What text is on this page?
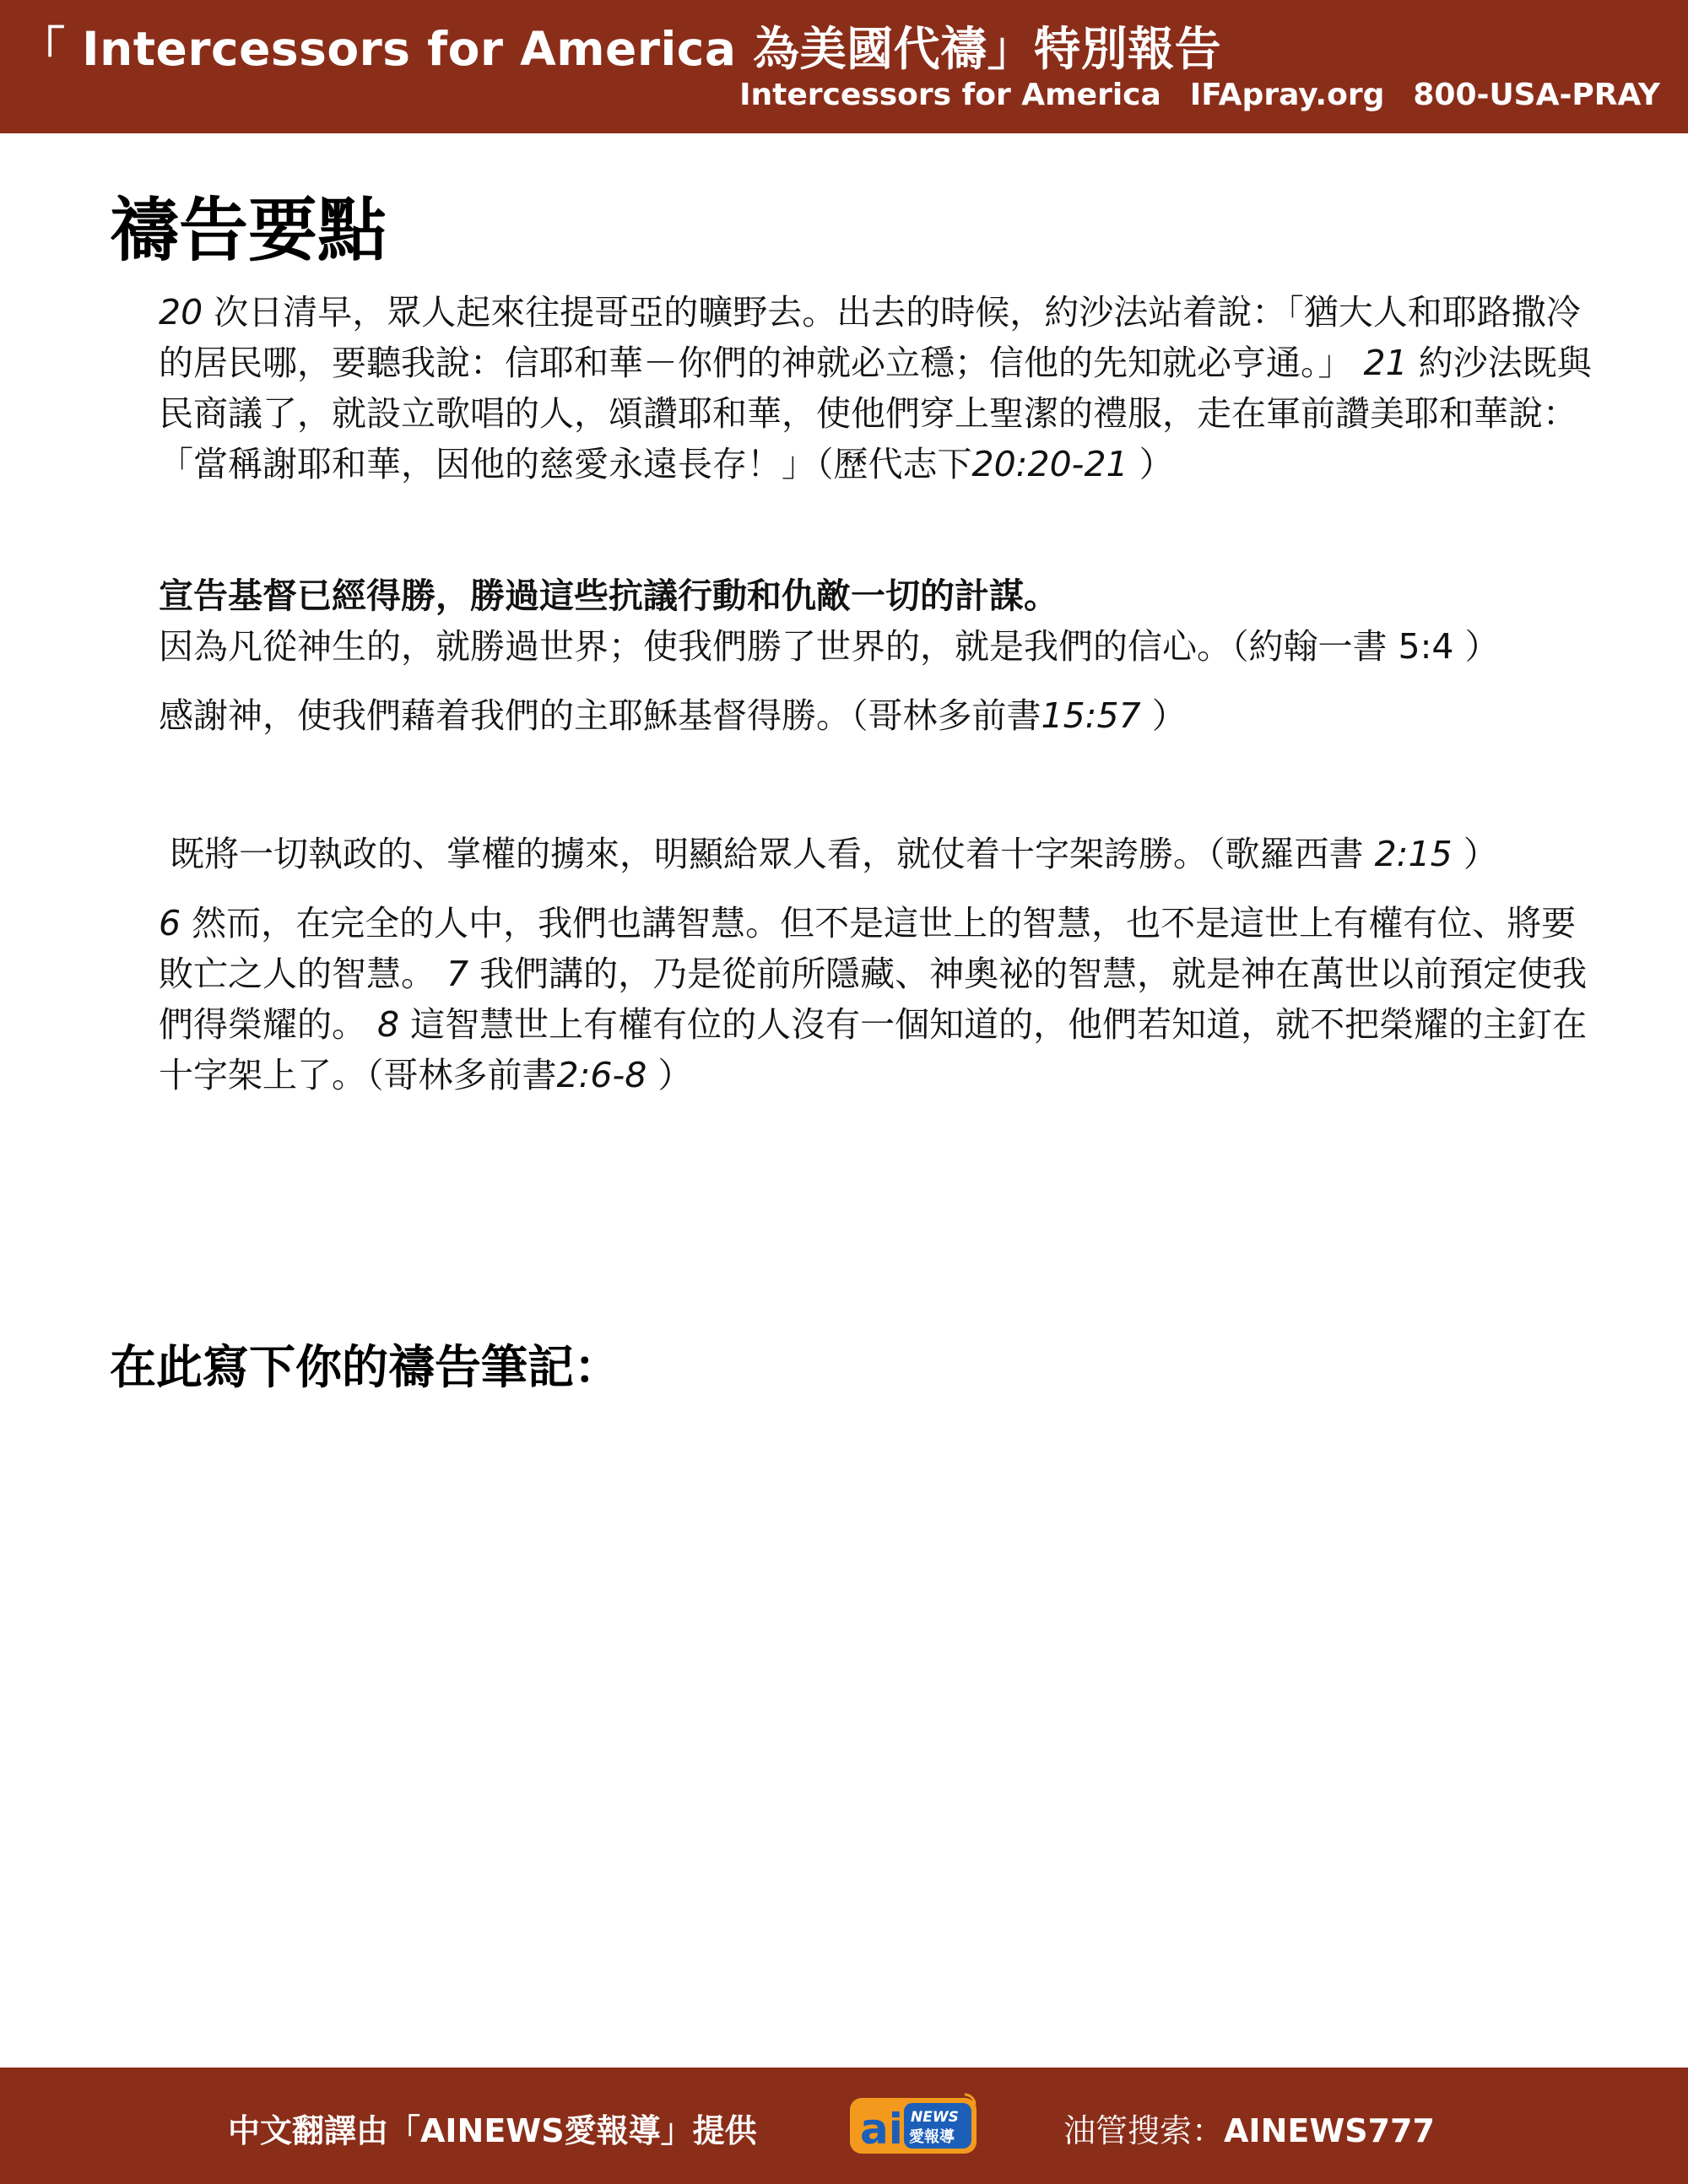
「 Intercessors for America 為美國代禱」特別報告
Intercessors for America IFApray.org 800-USA-PRAY
禱告要點

20 次日清早，眾人起來往提哥亞的曠野去。出去的時候，約沙法站着說：「猶大人和耶路撒冷的居民哪，要聽我說：信耶和華－你們的神就必立穩；信他的先知就必亨通。」 21 約沙法既與民商議了，就設立歌唱的人，頌讚耶和華，使他們穿上聖潔的禮服，走在軍前讚美耶和華說：「當稱謝耶和華，因他的慈愛永遠長存！」（歷代志下20:20-21 ）

宣告基督已經得勝，勝過這些抗議行動和仇敵一切的計謀。

因為凡從神生的，就勝過世界；使我們勝了世界的，就是我們的信心。（約翰一書 5:4 ）

感謝神，使我們藉着我們的主耶穌基督得勝。（哥林多前書15:57 ）

既將一切執政的、掌權的擄來，明顯給眾人看，就仗着十字架誇勝。（歌羅西書 2:15 ）

6 然而，在完全的人中，我們也講智慧。但不是這世上的智慧，也不是這世上有權有位、將要敗亡之人的智慧。 7 我們講的，乃是從前所隱藏、神奧祕的智慧，就是神在萬世以前預定使我們得榮耀的。 8 這智慧世上有權有位的人沒有一個知道的，他們若知道，就不把榮耀的主釘在十字架上了。（哥林多前書2:6-8 ）

在此寫下你的禱告筆記：
中文翻譯由「AINEWS愛報導」提供 ai NEWS
愛報導	油管搜索：AINEWS777
